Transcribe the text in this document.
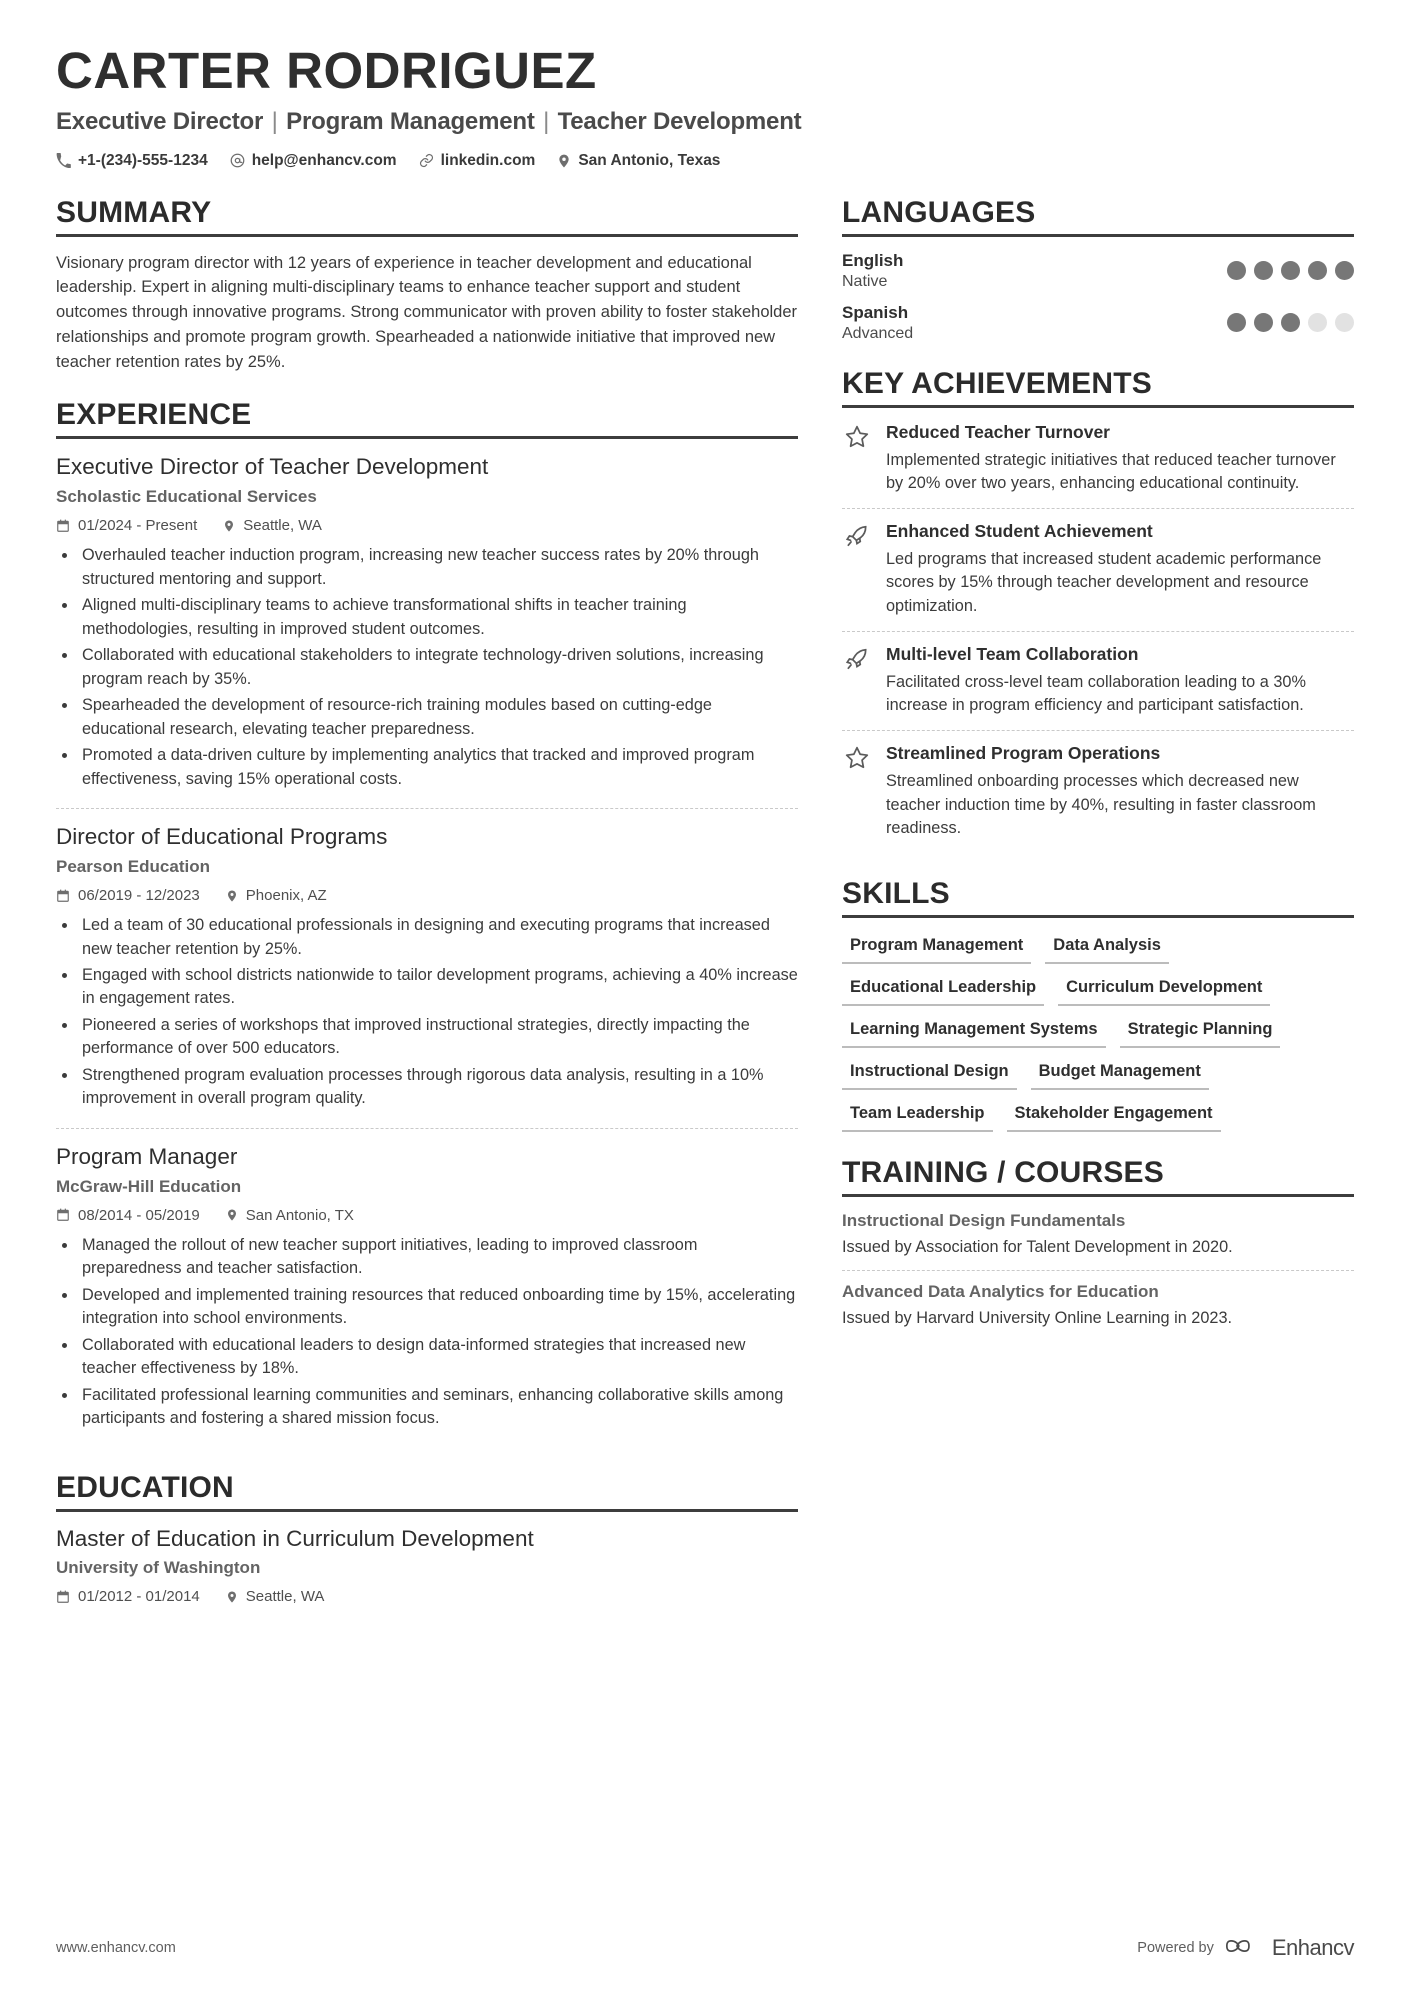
CARTER RODRIGUEZ
Executive Director | Program Management | Teacher Development
+1-(234)-555-1234	help@enhancv.com	linkedin.com	San Antonio, Texas
SUMMARY
Visionary program director with 12 years of experience in teacher development and educational leadership. Expert in aligning multi-disciplinary teams to enhance teacher support and student outcomes through innovative programs. Strong communicator with proven ability to foster stakeholder relationships and promote program growth. Spearheaded a nationwide initiative that improved new teacher retention rates by 25%.
EXPERIENCE
Executive Director of Teacher Development
Scholastic Educational Services
01/2024 - Present	Seattle, WA
• Overhauled teacher induction program, increasing new teacher success rates by 20% through structured mentoring and support.
• Aligned multi-disciplinary teams to achieve transformational shifts in teacher training methodologies, resulting in improved student outcomes.
• Collaborated with educational stakeholders to integrate technology-driven solutions, increasing program reach by 35%.
• Spearheaded the development of resource-rich training modules based on cutting-edge educational research, elevating teacher preparedness.
• Promoted a data-driven culture by implementing analytics that tracked and improved program effectiveness, saving 15% operational costs.
Director of Educational Programs
Pearson Education
06/2019 - 12/2023	Phoenix, AZ
• Led a team of 30 educational professionals in designing and executing programs that increased new teacher retention by 25%.
• Engaged with school districts nationwide to tailor development programs, achieving a 40% increase in engagement rates.
• Pioneered a series of workshops that improved instructional strategies, directly impacting the performance of over 500 educators.
• Strengthened program evaluation processes through rigorous data analysis, resulting in a 10% improvement in overall program quality.
Program Manager
McGraw-Hill Education
08/2014 - 05/2019	San Antonio, TX
• Managed the rollout of new teacher support initiatives, leading to improved classroom preparedness and teacher satisfaction.
• Developed and implemented training resources that reduced onboarding time by 15%, accelerating integration into school environments.
• Collaborated with educational leaders to design data-informed strategies that increased new teacher effectiveness by 18%.
• Facilitated professional learning communities and seminars, enhancing collaborative skills among participants and fostering a shared mission focus.
EDUCATION
Master of Education in Curriculum Development
University of Washington
01/2012 - 01/2014	Seattle, WA
LANGUAGES
English
Native
Spanish
Advanced
KEY ACHIEVEMENTS
Reduced Teacher Turnover
Implemented strategic initiatives that reduced teacher turnover by 20% over two years, enhancing educational continuity.
Enhanced Student Achievement
Led programs that increased student academic performance scores by 15% through teacher development and resource optimization.
Multi-level Team Collaboration
Facilitated cross-level team collaboration leading to a 30% increase in program efficiency and participant satisfaction.
Streamlined Program Operations
Streamlined onboarding processes which decreased new teacher induction time by 40%, resulting in faster classroom readiness.
SKILLS
Program Management	Data Analysis
Educational Leadership	Curriculum Development
Learning Management Systems	Strategic Planning
Instructional Design	Budget Management
Team Leadership	Stakeholder Engagement
TRAINING / COURSES
Instructional Design Fundamentals
Issued by Association for Talent Development in 2020.
Advanced Data Analytics for Education
Issued by Harvard University Online Learning in 2023.
www.enhancv.com	Powered by	Enhancv
